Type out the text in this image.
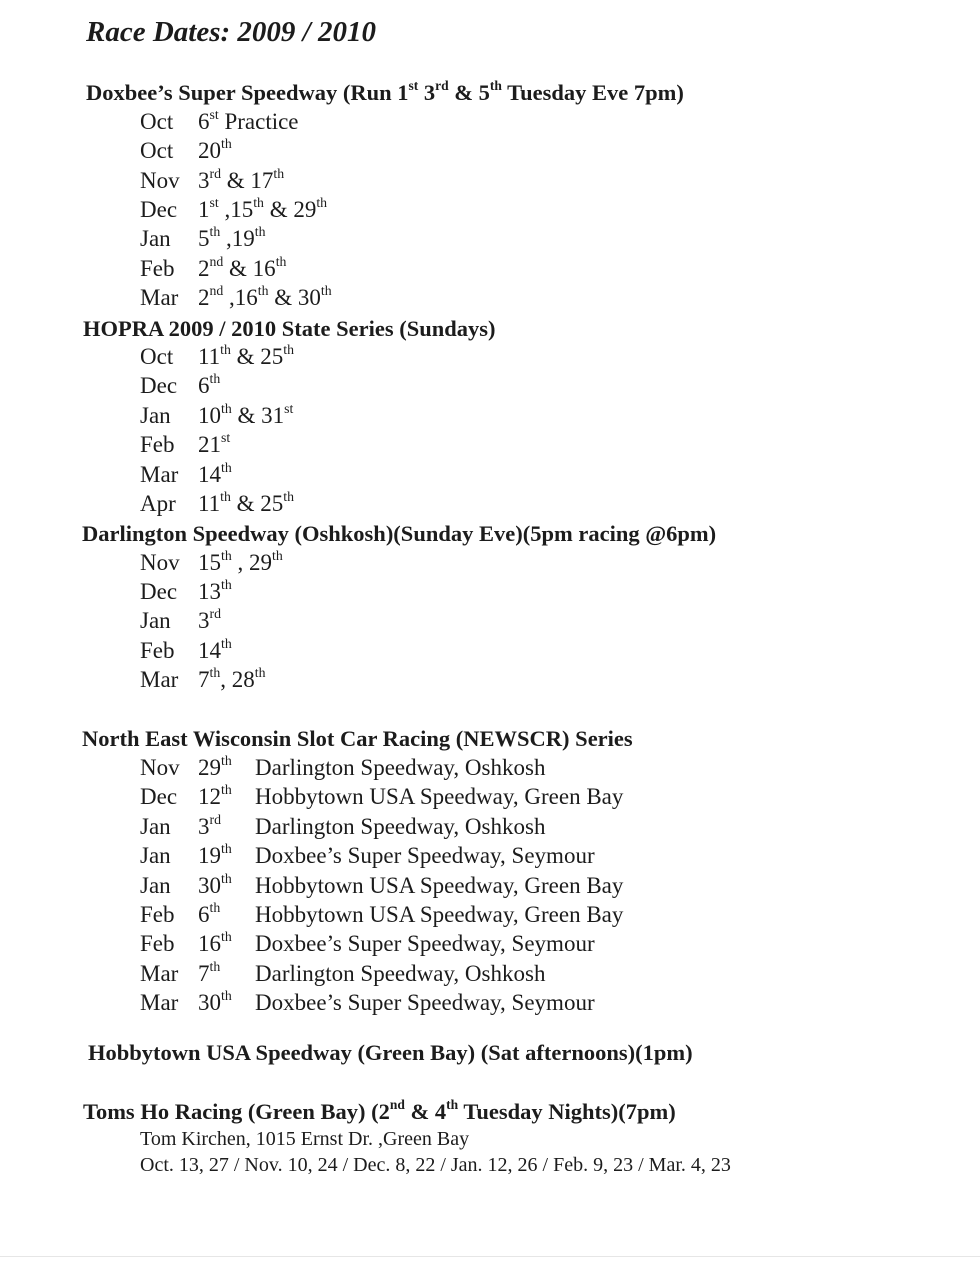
Race Dates: 2009 / 2010
Doxbee’s Super Speedway (Run 1st 3rd & 5th Tuesday Eve 7pm)
Oct 6st Practice
Oct 20th
Nov 3rd & 17th
Dec 1st ,15th & 29th
Jan 5th ,19th
Feb 2nd & 16th
Mar 2nd ,16th & 30th
HOPRA 2009 / 2010 State Series (Sundays)
Oct 11th & 25th
Dec 6th
Jan 10th & 31st
Feb 21st
Mar 14th
Apr 11th & 25th
Darlington Speedway (Oshkosh)(Sunday Eve)(5pm racing @6pm)
Nov 15th , 29th
Dec 13th
Jan 3rd
Feb 14th
Mar 7th, 28th
North East Wisconsin Slot Car Racing (NEWSCR) Series
Nov 29th Darlington Speedway, Oshkosh
Dec 12th Hobbytown USA Speedway, Green Bay
Jan 3rd Darlington Speedway, Oshkosh
Jan 19th Doxbee’s Super Speedway, Seymour
Jan 30th Hobbytown USA Speedway, Green Bay
Feb 6th Hobbytown USA Speedway, Green Bay
Feb 16th Doxbee’s Super Speedway, Seymour
Mar 7th Darlington Speedway, Oshkosh
Mar 30th Doxbee’s Super Speedway, Seymour
Hobbytown USA Speedway (Green Bay) (Sat afternoons)(1pm)
Toms Ho Racing (Green Bay) (2nd & 4th Tuesday Nights)(7pm)
Tom Kirchen, 1015 Ernst Dr. ,Green Bay
Oct. 13, 27 / Nov. 10, 24 / Dec. 8, 22 / Jan. 12, 26 / Feb. 9, 23 / Mar. 4, 23
